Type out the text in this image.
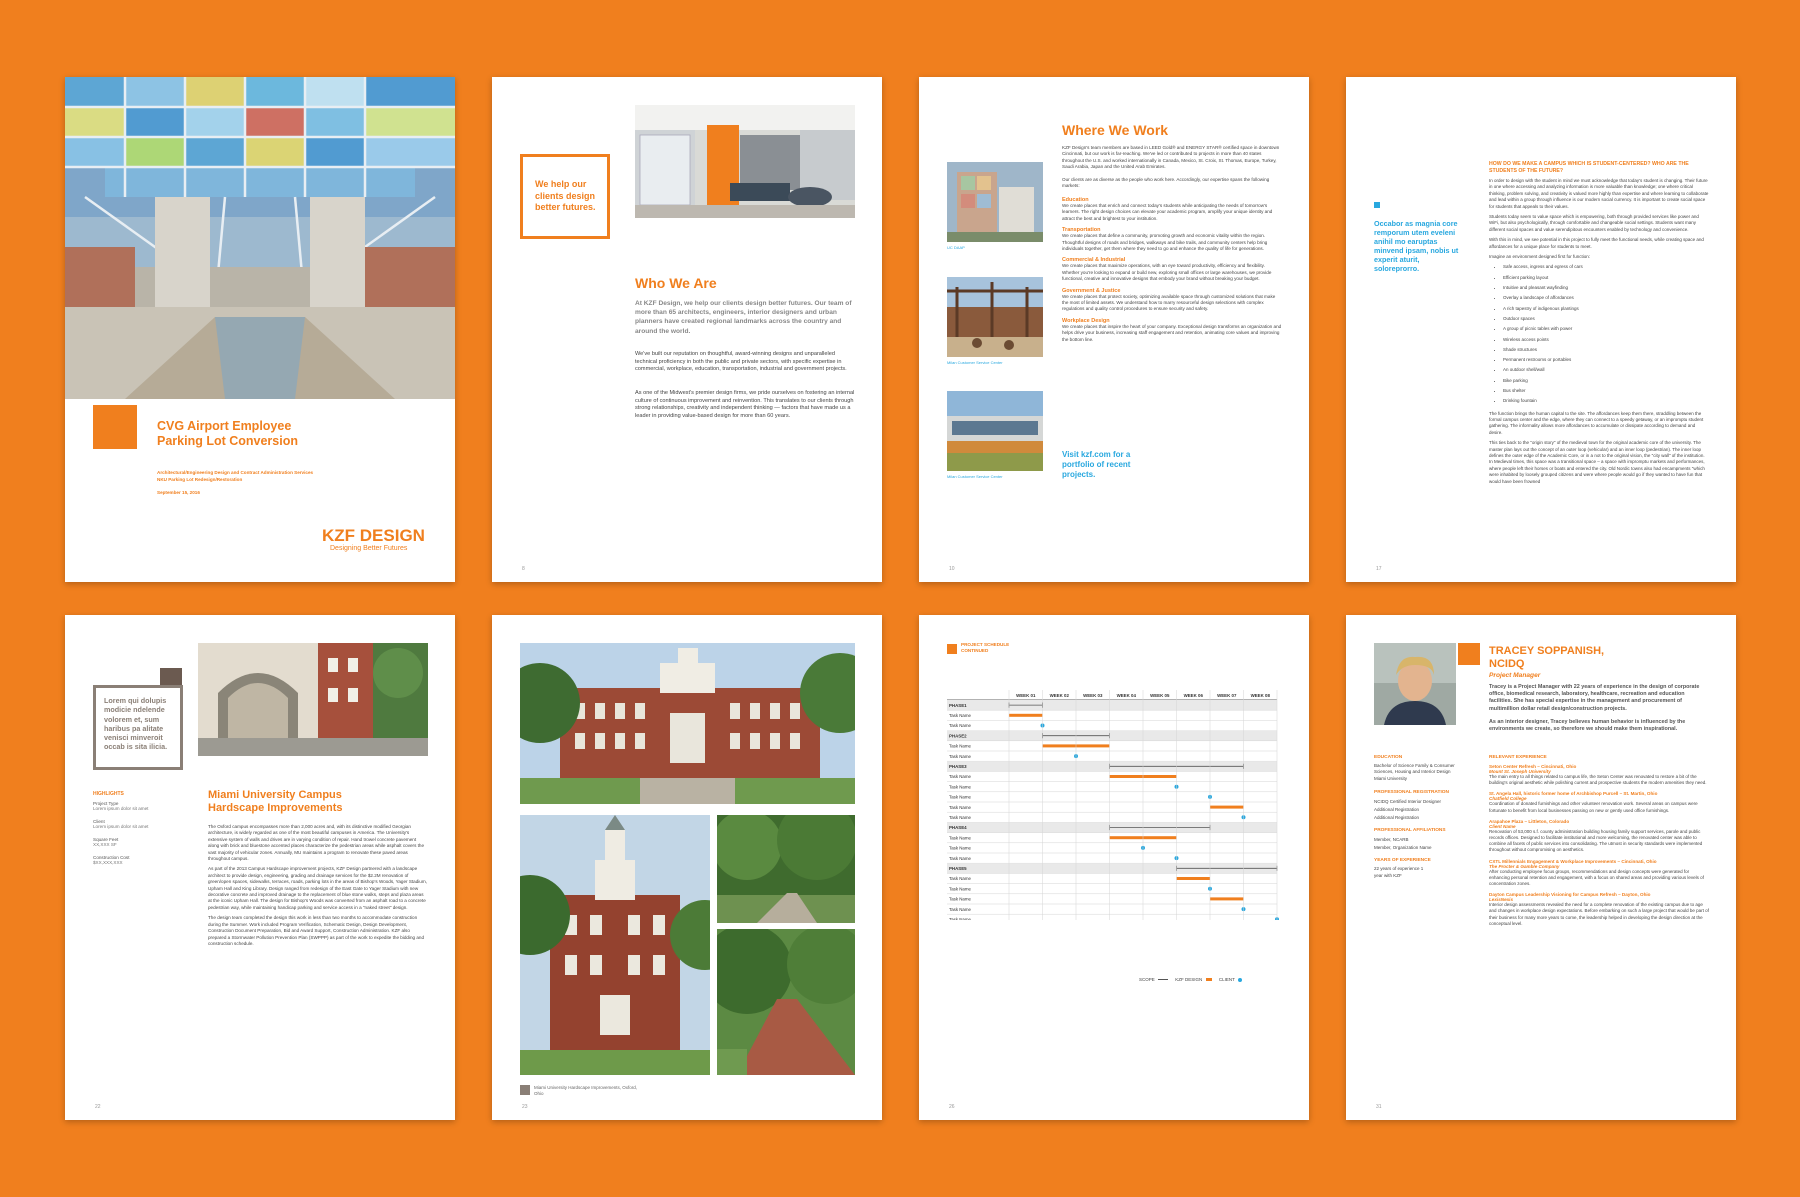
CVG Airport Employee Parking Lot Conversion
Architectural/Engineering Design and Contract Administration Services
NKU Parking Lot Redesign/Restoration
September 15, 2016
KZF DESIGN
Designing Better Futures
We help our clients design better futures.
Who We Are
At KZF Design, we help our clients design better futures. Our team of more than 65 architects, engineers, interior designers and urban planners have created regional landmarks across the country and around the world.
We've built our reputation on thoughtful, award-winning designs and unparalleled technical proficiency in both the public and private sectors, with specific expertise in commercial, workplace, education, transportation, industrial and government projects.
As one of the Midwest's premier design firms, we pride ourselves on fostering an internal culture of continuous improvement and reinvention. This translates to our clients through strong relationships, creativity and independent thinking — factors that have made us a leader in providing value-based design for more than 60 years.
8
UC DAAP
Milan Customer Service Center
Milan Customer Service Center
Where We Work
KZF Design's team members are based in LEED Gold® and ENERGY STAR® certified space in downtown Cincinnati, but our work is far-reaching. We've led or contributed to projects in more than 40 states throughout the U.S. and worked internationally in Canada, Mexico, St. Croix, St. Thomas, Europe, Turkey, Saudi Arabia, Japan and the United Arab Emirates.
Our clients are as diverse as the people who work here. Accordingly, our expertise spans the following markets:
Education
We create places that enrich and connect today's students while anticipating the needs of tomorrow's learners. The right design choices can elevate your academic program, amplify your unique identity and attract the best and brightest to your institution.
Transportation
We create places that define a community, promoting growth and economic vitality within the region. Thoughtful designs of roads and bridges, walkways and bike trails, and community centers help bring individuals together, get them where they need to go and enhance the quality of life for generations.
Commercial & Industrial
We create places that maximize operations, with an eye toward productivity, efficiency and flexibility. Whether you're looking to expand or build new, exploring small offices or large warehouses, we provide functional, creative and innovative designs that embody your brand without breaking your budget.
Government & Justice
We create places that protect society, optimizing available space through customized solutions that make the most of limited assets. We understand how to marry resourceful design selections with complex regulations and quality control procedures to ensure security and safety.
Workplace Design
We create places that inspire the heart of your company. Exceptional design transforms an organization and helps drive your business, increasing staff engagement and retention, animating core values and improving the bottom line.
Visit kzf.com for a portfolio of recent projects.
10
Occabor as magnia core remporum utem eveleni anihil mo earuptas minvend ipsam, nobis ut experit aturit, soloreprorro.
HOW DO WE MAKE A CAMPUS WHICH IS STUDENT-CENTERED? WHO ARE THE STUDENTS OF THE FUTURE?
In order to design with the student in mind we must acknowledge that today's student is changing. Their future in one where accessing and analyzing information is more valuable than knowledge; one where critical thinking, problem solving, and creativity is valued more highly than expertise and where learning to collaborate and lead within a group through influence is our modern social currency. It is important to create social space for students that appeals to their values.
Students today seem to value space which is empowering, both through provided services like power and WiFi, but also psychologically, through comfortable and changeable social settings. Students want many different social spaces and value serendipitous encounters enabled by technology and convenience.
With this in mind, we see potential in this project to fully meet the functional needs, while creating space and affordances for a unique place for students to meet.
Imagine an environment designed first for function:
• Safe access, ingress and egress of cars
• Efficient parking layout
• Intuitive and pleasant wayfinding
• Overlay a landscape of affordances
• A rich tapestry of indigenous plantings
• Outdoor spaces
• A group of picnic tables with power
• Wireless access points
• Shade structures
• Permanent restrooms or portables
• An outdoor shell/wall
• Bike parking
• Bus shelter
• Drinking fountain
The function brings the human capital to the site. The affordances keep them there, straddling between the formal campus center and the edge, where they can connect to a speedy getaway, or an impromptu student gathering. The informality allows more affordances to accumulate or dissipate according to demand and desire.
This ties back to the "origin story" of the medieval town for the original academic core of the university. The master plan lays out the concept of an outer loop (vehicular) and an inner loop (pedestrian). The inner loop defines the outer edge of the Academic Core, or in a not to the original vision, the "city wall" of the institution. In Medieval times, this space was a transitional space – a space with impromptu markets and performances, where people left their horses or boats and entered the city. Old Nordic towns also had encampments "which were inhabited by loosely grouped citizens and were where people would go if they wanted to have fun that would have been frowned
17
Lorem qui dolupis modicie ndelende volorem et, sum haribus pa alitate venisci minveroit occab is sita ilicia.
HIGHLIGHTS
Project Type
Lorem ipsum dolor sit amet
Client
Lorem ipsum dolor sit amet
Square Feet
XX,XXX SF
Construction Cost
$XX,XXX,XXX
Miami University Campus Hardscape Improvements
The Oxford campus encompasses more than 2,000 acres and, with its distinctive modified Georgian architecture, is widely regarded as one of the most beautiful campuses in America. The University's extensive system of walls and drives are in varying condition of repair. Hand trowel concrete pavement along with brick and bluestone accented places characterize the pedestrian areas while asphalt covers the vast majority of vehicular zones. Annually, MU maintains a program to renovate these paved areas throughout campus.
As part of the 2013 Campus Hardscape improvement projects, KZF Design partnered with a landscape architect to provide design, engineering, grading and drainage services for the $2.2M renovation of green/open spaces, sidewalks, terraces, roads, parking lots in the areas of Bishop's Woods, Yager Stadium, Upham Hall and King Library. Design ranged from redesign of the East Gate to Yager Stadium with new decorative concrete and improved drainage to the replacement of blue stone walks, steps and plaza areas at the iconic Upham Hall. The design for Bishop's Woods was converted from an asphalt road to a concrete pedestrian way, while maintaining handicap parking and service access in a "naked street" design.
The design team completed the design this work in less than two months to accommodate construction during the Summer. Work included Program Verification, Schematic Design, Design Development, Construction Document Preparation, Bid and Award Support, Construction Administration. KZF also prepared a Stormwater Pollution Prevention Plan (SWPPP) as part of the work to expedite the bidding and construction schedule.
22
Miami University Hardscape Improvements, Oxford, Ohio
23
PROJECT SCHEDULE CONTINUED
WEEK 01	WEEK 02	WEEK 03	WEEK 04	WEEK 05	WEEK 06	WEEK 07	WEEK 08
PHASE1
Task Name
Task Name
PHASE2
Task Name
Task Name
PHASE3
Task Name
Task Name
Task Name
Task Name
Task Name
PHASE4
Task Name
Task Name
Task Name
PHASE5
Task Name
Task Name
Task Name
Task Name
Task Name
SCOPE	KZF DESIGN	CLIENT
26
TRACEY SOPPANISH, NCIDQ
Project Manager
Tracey is a Project Manager with 22 years of experience in the design of corporate office, biomedical research, laboratory, healthcare, recreation and education facilities. She has special expertise in the management and procurement of multimillion dollar retail design/construction projects.
As an interior designer, Tracey believes human behavior is influenced by the environments we create, so therefore we should make them inspirational.
EDUCATION
Bachelor of Science Family & Consumer Sciences, Housing and Interior Design Miami University
PROFESSIONAL REGISTRATION
NCIDQ Certified Interior Designer
Additional Registration
Additional Registration
PROFESSIONAL AFFILIATIONS
Member, NCARB
Member, Organization Name
YEARS OF EXPERIENCE
22 years of experience 1 year with KZF
RELEVANT EXPERIENCE
Seton Center Refresh – Cincinnati, Ohio
Mount St. Joseph University
The main entry to all things related to campus life, the Seton Center was renovated to restore a bit of the building's original aesthetic while polishing current and prospective students the modern amenities they need.
St. Angela Hall, historic former home of Archbishop Purcell – St. Martin, Ohio
Chatfield College
Coordination of donated furnishings and other volunteer renovation work. Several areas on campus were fortunate to benefit from local businesses passing on new or gently used office furnishings.
Arapahoe Plaza – Littleton, Colorado
Client Name
Renovation of 53,000 s.f. county administration building housing family support services, parole and public records offices. Designed to facilitate institutional and more welcoming, the renovated center was able to combine all facets of public services into consolidating. The utmost in security standards were implemented throughout without compromising on aesthetics.
CXTL Millennials Engagement & Workplace Improvements – Cincinnati, Ohio
The Procter & Gamble Company
After conducting employee focus groups, recommendations and design concepts were generated for enhancing personal retention and engagement, with a focus on shared areas and providing various levels of concentration zones.
Dayton Campus Leadership Visioning for Campus Refresh – Dayton, Ohio
LexisNexis
Interior design assessments revealed the need for a complete renovation of the existing campus due to age and changes in workplace design expectations. Before embarking on such a large project that would be part of their business for many more years to come, the leadership helped in developing the design direction at the conceptual level.
31
